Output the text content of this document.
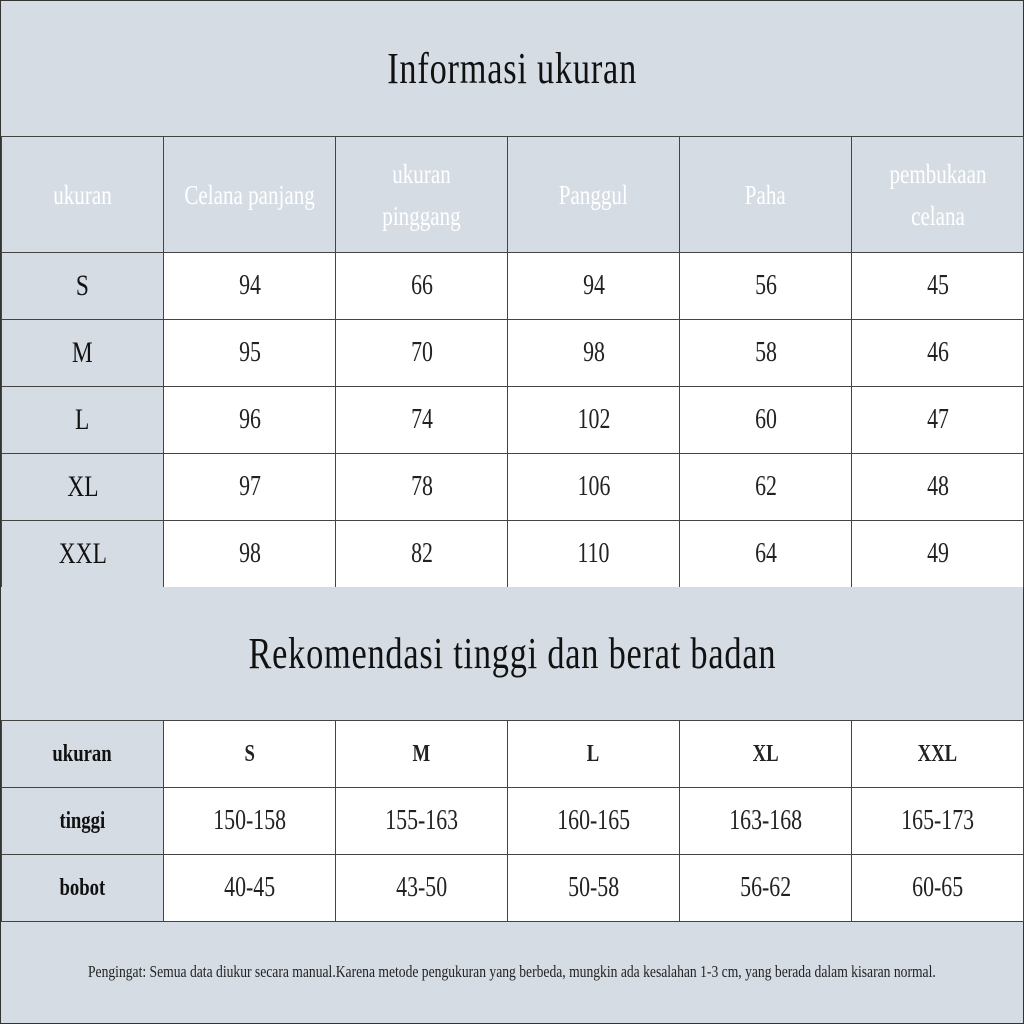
Informasi ukuran
ukuran	Celana panjang	ukuran pinggang	Panggul	Paha	pembukaan celana
S	94	66	94	56	45
M	95	70	98	58	46
L	96	74	102	60	47
XL	97	78	106	62	48
XXL	98	82	110	64	49
Rekomendasi tinggi dan berat badan
ukuran	S	M	L	XL	XXL
tinggi	150-158	155-163	160-165	163-168	165-173
bobot	40-45	43-50	50-58	56-62	60-65
Pengingat: Semua data diukur secara manual.Karena metode pengukuran yang berbeda, mungkin ada kesalahan 1-3 cm, yang berada dalam kisaran normal.
